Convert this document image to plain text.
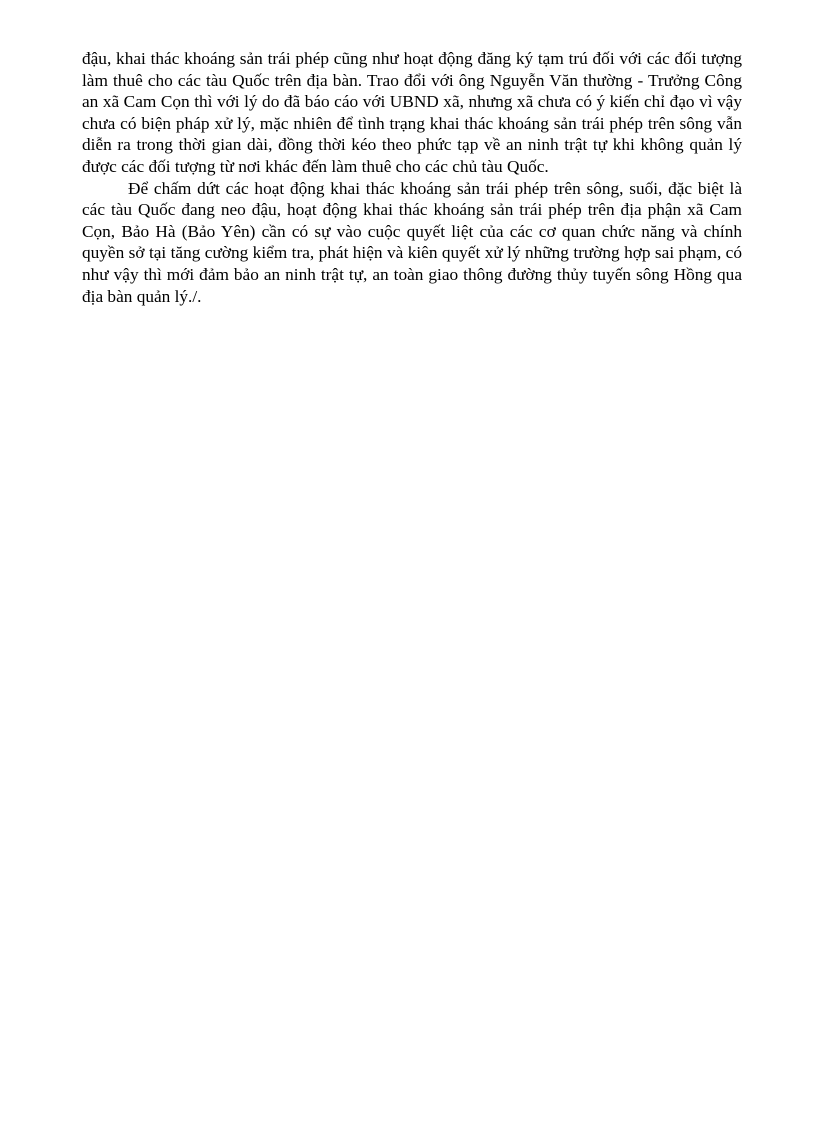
đậu, khai thác khoáng sản trái phép cũng như hoạt động đăng ký tạm trú đối với các đối tượng làm thuê cho các tàu Quốc trên địa bàn. Trao đổi với ông Nguyễn Văn thường - Trưởng Công an xã Cam Cọn thì với lý do đã báo cáo với UBND xã, nhưng xã chưa có ý kiến chỉ đạo vì vậy chưa có biện pháp xử lý, mặc nhiên để tình trạng khai thác khoáng sản trái phép trên sông vẫn diễn ra trong thời gian dài, đồng thời kéo theo phức tạp về an ninh trật tự khi không quản lý được các đối tượng từ nơi khác đến làm thuê cho các chủ tàu Quốc.

Để chấm dứt các hoạt động khai thác khoáng sản trái phép trên sông, suối, đặc biệt là các tàu Quốc đang neo đậu, hoạt động khai thác khoáng sản trái phép trên địa phận xã Cam Cọn, Bảo Hà (Bảo Yên) cần có sự vào cuộc quyết liệt của các cơ quan chức năng và chính quyền sở tại tăng cường kiểm tra, phát hiện và kiên quyết xử lý những trường hợp sai phạm, có như vậy thì mới đảm bảo an ninh trật tự, an toàn giao thông đường thủy tuyến sông Hồng qua địa bàn quản lý./.
